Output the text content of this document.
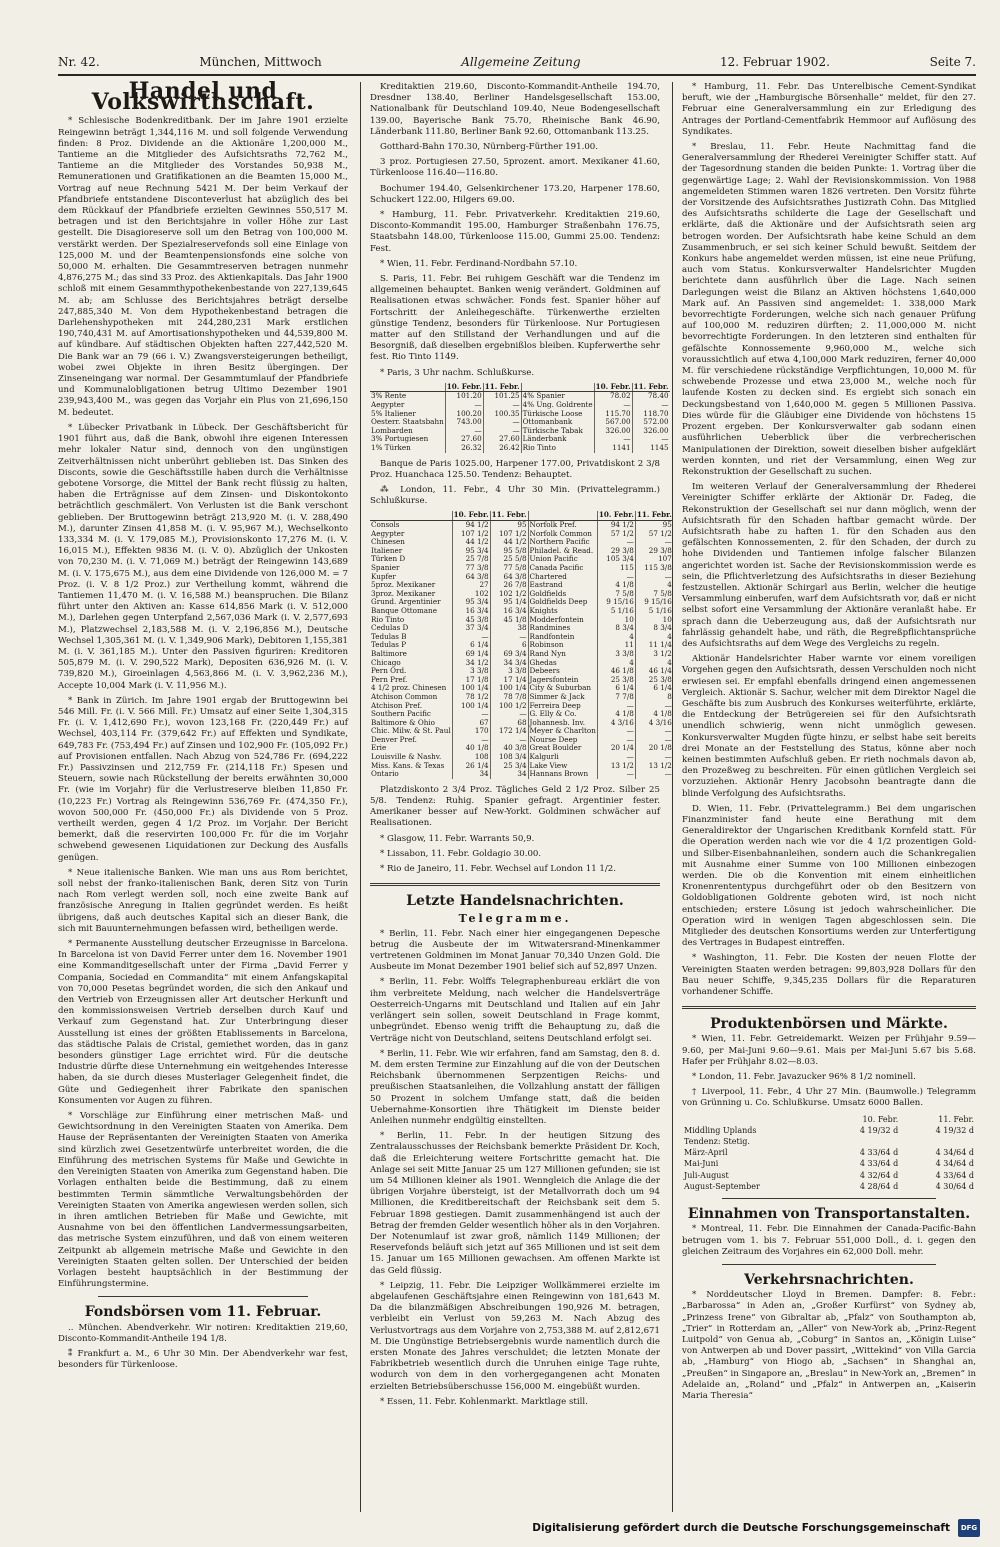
Nr. 42.	München, Mittwoch	Allgemeine Zeitung	12. Februar 1902.	Seite 7.
Handel und Volkswirthschaft.

* Schlesische Bodenkreditbank. Der im Jahre 1901 erzielte Reingewinn beträgt 1,344,116 M. und soll folgende Verwendung finden: 8 Proz. Dividende an die Aktionäre 1,200,000 M., Tantieme an die Mitglieder des Aufsichtsraths 72,762 M., Tantieme an die Mitglieder des Vorstandes 50,938 M., Remunerationen und Gratifikationen an die Beamten 15,000 M., Vortrag auf neue Rechnung 5421 M. Der beim Verkauf der Pfandbriefe entstandene Disconteverlust hat abzüglich des bei dem Rückkauf der Pfandbriefe erzielten Gewinnes 550,517 M. betragen und ist den Berichtsjahre in voller Höhe zur Last gestellt. Die Disagioreserve soll um den Betrag von 100,000 M. verstärkt werden. Der Spezialreservefonds soll eine Einlage von 125,000 M. und der Beamtenpensionsfonds eine solche von 50,000 M. erhalten. Die Gesammtreserven betragen nunmehr 4,876,275 M.; das sind 33 Proz. des Aktienkapitals. Das Jahr 1900 schloß mit einem Gesammthypothekenbestande von 227,139,645 M. ab; am Schlusse des Berichtsjahres beträgt derselbe 247,885,340 M. Von dem Hypothekenbestand betragen die Darlehenshypotheken mit 244,280,231 Mark erstlichen 190,740,431 M. auf Amortisationshypotheken und 44,539,800 M. auf kündbare. Auf städtischen Objekten haften 227,442,520 M. Die Bank war an 79 (66 i. V.) Zwangsversteigerungen betheiligt, wobei zwei Objekte in ihren Besitz übergingen. Der Zinseneingang war normal. Der Gesammtumlauf der Pfandbriefe und Kommunalobligationen betrug Ultimo Dezember 1901 239,943,400 M., was gegen das Vorjahr ein Plus von 21,696,150 M. bedeutet.

* Lübecker Privatbank in Lübeck. Der Geschäftsbericht für 1901 führt aus, daß die Bank, obwohl ihre eigenen Interessen mehr lokaler Natur sind, dennoch von den ungünstigen Zeitverhältnissen nicht unberührt geblieben ist. Das Sinken des Disconts, sowie die Geschäftsstille haben durch die Verhältnisse gebotene Vorsorge, die Mittel der Bank recht flüssig zu halten, haben die Erträgnisse auf dem Zinsen- und Diskontokonto beträchtlich geschmälert. Von Verlusten ist die Bank verschont geblieben. Der Bruttogewinn beträgt 213,920 M. (i. V. 288,490 M.), darunter Zinsen 41,858 M. (i. V. 95,967 M.), Wechselkonto 133,334 M. (i. V. 179,085 M.), Provisionskonto 17,276 M. (i. V. 16,015 M.), Effekten 9836 M. (i. V. 0). Abzüglich der Unkosten von 70,230 M. (i. V. 71,069 M.) beträgt der Reingewinn 143,689 M. (i. V. 175,675 M.), aus dem eine Dividende von 126,000 M. = 7 Proz. (i. V. 8 1/2 Proz.) zur Vertheilung kommt, während die Tantiemen 11,470 M. (i. V. 16,588 M.) beanspruchen. Die Bilanz führt unter den Aktiven an: Kasse 614,856 Mark (i. V. 512,000 M.), Darlehen gegen Unterpfand 2,567,036 Mark (i. V. 2,577,693 M.), Platzwechsel 2,183,588 M. (i. V. 2,196,856 M.), Deutsche Wechsel 1,305,361 M. (i. V. 1,349,906 Mark), Debitoren 1,155,381 M. (i. V. 361,185 M.). Unter den Passiven figuriren: Kreditoren 505,879 M. (i. V. 290,522 Mark), Depositen 636,926 M. (i. V. 739,820 M.), Giroeinlagen 4,563,866 M. (i. V. 3,962,236 M.), Accepte 10,004 Mark (i. V. 11,956 M.).

* Bank in Zürich. Im Jahre 1901 ergab der Bruttogewinn bei 546 Mill. Fr. (i. V. 566 Mill. Fr.) Umsatz auf einer Seite 1,304,315 Fr. (i. V. 1,412,690 Fr.), wovon 123,168 Fr. (220,449 Fr.) auf Wechsel, 403,114 Fr. (379,642 Fr.) auf Effekten und Syndikate, 649,783 Fr. (753,494 Fr.) auf Zinsen und 102,900 Fr. (105,092 Fr.) auf Provisionen entfallen. Nach Abzug von 524,786 Fr. (694,222 Fr.) Passivzinsen und 212,759 Fr. (214,118 Fr.) Spesen und Steuern, sowie nach Rückstellung der bereits erwähnten 30,000 Fr. (wie im Vorjahr) für die Verlustreserve bleiben 11,850 Fr. (10,223 Fr.) Vortrag als Reingewinn 536,769 Fr. (474,350 Fr.), wovon 500,000 Fr. (450,000 Fr.) als Dividende von 5 Proz. vertheilt werden, gegen 4 1/2 Proz. im Vorjahr. Der Bericht bemerkt, daß die reservirten 100,000 Fr. für die im Vorjahr schwebend gewesenen Liquidationen zur Deckung des Ausfalls genügen.

* Neue italienische Banken. Wie man uns aus Rom berichtet, soll nebst der franko-italienischen Bank, deren Sitz von Turin nach Rom verlegt werden soll, noch eine zweite Bank auf französische Anregung in Italien gegründet werden. Es heißt übrigens, daß auch deutsches Kapital sich an dieser Bank, die sich mit Bauunternehmungen befassen wird, betheiligen werde.

* Permanente Ausstellung deutscher Erzeugnisse in Barcelona. In Barcelona ist von David Ferrer unter dem 16. November 1901 eine Kommanditgesellschaft unter der Firma „David Ferrer y Compania, Sociedad en Commandita“ mit einem Anfangskapital von 70,000 Pesetas begründet worden, die sich den Ankauf und den Vertrieb von Erzeugnissen aller Art deutscher Herkunft und den kommissionsweisen Vertrieb derselben durch Kauf und Verkauf zum Gegenstand hat. Zur Unterbringung dieser Ausstellung ist eines der größten Etablissements in Barcelona, das städtische Palais de Cristal, gemiethet worden, das in ganz besonders günstiger Lage errichtet wird. Für die deutsche Industrie dürfte diese Unternehmung ein weitgehendes Interesse haben, da sie durch dieses Musterlager Gelegenheit findet, die Güte und Gediegenheit ihrer Fabrikate den spanischen Konsumenten vor Augen zu führen.

* Vorschläge zur Einführung einer metrischen Maß- und Gewichtsordnung in den Vereinigten Staaten von Amerika. Dem Hause der Repräsentanten der Vereinigten Staaten von Amerika sind kürzlich zwei Gesetzentwürfe unterbreitet worden, die die Einführung des metrischen Systems für Maße und Gewichte in den Vereinigten Staaten von Amerika zum Gegenstand haben. Die Vorlagen enthalten beide die Bestimmung, daß zu einem bestimmten Termin sämmtliche Verwaltungsbehörden der Vereinigten Staaten von Amerika angewiesen werden sollen, sich in ihren amtlichen Betrieben für Maße und Gewichte, mit Ausnahme von bei den öffentlichen Landvermessungsarbeiten, das metrische System einzuführen, und daß von einem weiteren Zeitpunkt ab allgemein metrische Maße und Gewichte in den Vereinigten Staaten gelten sollen. Der Unterschied der beiden Vorlagen besteht hauptsächlich in der Bestimmung der Einführungstermine.

Fondsbörsen vom 11. Februar.

.. München. Abendverkehr. Wir notiren: Kreditaktien 219,60, Disconto-Kommandit-Antheile 194 1/8.

⁑ Frankfurt a. M., 6 Uhr 30 Min. Der Abendverkehr war fest, besonders für Türkenloose.

Kreditaktien 219.60, Disconto-Kommandit-Antheile 194.70, Dresdner 138.40, Berliner Handelsgesellschaft 153.00, Nationalbank für Deutschland 109.40, Neue Bodengesellschaft 139.00, Bayerische Bank 75.70, Rheinische Bank 46.90, Länderbank 111.80, Berliner Bank 92.60, Ottomanbank 113.25.

Gotthard-Bahn 170.30, Nürnberg-Fürther 191.00.

3 proz. Portugiesen 27.50, 5prozent. amort. Mexikaner 41.60, Türkenloose 116.40—116.80.

Bochumer 194.40, Gelsenkirchener 173.20, Harpener 178.60, Schuckert 122.00, Hilgers 69.00.

* Hamburg, 11. Febr. Privatverkehr. Kreditaktien 219.60, Disconto-Kommandit 195.00, Hamburger Straßenbahn 176.75, Staatsbahn 148.00, Türkenloose 115.00, Gummi 25.00. Tendenz: Fest.

* Wien, 11. Febr. Ferdinand-Nordbahn 57.10.

S. Paris, 11. Febr. Bei ruhigem Geschäft war die Tendenz im allgemeinen behauptet. Banken wenig verändert. Goldminen auf Realisationen etwas schwächer. Fonds fest. Spanier höher auf Fortschritt der Anleihegeschäfte. Türkenwerthe erzielten günstige Tendenz, besonders für Türkenloose. Nur Portugiesen matter auf den Stillstand der Verhandlungen und auf die Besorgniß, daß dieselben ergebnißlos bleiben. Kupferwerthe sehr fest. Rio Tinto 1149.

* Paris, 3 Uhr nachm. Schlußkurse.

	10. Febr.	11. Febr.		10. Febr.	11. Febr.
3% Rente	101.20	101.25	4% Spanier	78.02	78.40
Aegypter	—	—	4% Ung. Goldrente	—	—
5% Italiener	100.20	100.35	Türkische Loose	115.70	118.70
Oesterr. Staatsbahn	743.00	—	Ottomanbank	567.00	572.00
Lombarden	—	—	Türkische Tabak	326.00	326.00
3% Portugiesen	27.60	27.60	Länderbank	—	—
1% Türken	26.32	26.42	Rio Tinto	1141	1145

Banque de Paris 1025.00, Harpener 177.00, Privatdiskont 2 3/8 Proz. Huanchaca 125.50. Tendenz: Behauptet.

⁂ London, 11. Febr., 4 Uhr 30 Min. (Privattelegramm.) Schlußkurse.

	10. Febr.	11. Febr.		10. Febr.	11. Febr.
Consols	94 1/2	95	Norfolk Pref.	94 1/2	95
Aegypter	107 1/2	107 1/2	Norfolk Common	57 1/2	57 1/2
Chinesen	44 1/2	44 1/2	Northern Pacific	—	—
Italiener	95 3/4	95 5/8	Philadel. & Read.	29 3/8	29 3/8
Türken D	25 7/8	25 5/8	Union Pacific	105 3/4	107
Spanier	77 3/8	77 5/8	Canada Pacific	115	115 3/8
Kupfer	64 3/8	64 3/8	Chartered	—	—
5proz. Mexikaner	27	26 7/8	Eastrand	4 1/8	4
3proz. Mexikaner	102	102 1/2	Goldfields	7 5/8	7 5/8
Grund. Argentinier	95 3/4	95 1/4	Goldfields Deep	9 15/16	9 15/16
Banque Ottomane	16 3/4	16 3/4	Knights	5 1/16	5 1/16
Rio Tinto	45 3/8	45 1/8	Modderfontein	10	10
Cedulas D	37 3/4	38	Randmines	8 3/4	8 3/4
Tedulas B	—	—	Randfontein	4	4
Tedulas P	6 1/4	6	Robinson	11	11 1/4
Baltimore	69 1/4	69 3/4	Rand Nyn	3 3/8	3 1/2
Chicago	34 1/2	34 3/4	Ghedas	4	4
Pern Ord.	3 3/8	3 3/8	Debeers	46 1/8	46 1/4
Pern Pref.	17 1/8	17 1/4	Jagersfontein	25 3/8	25 3/8
4 1/2 proz. Chinesen	100 1/4	100 1/4	City & Suburban	6 1/4	6 1/4
Atchison Common	78 1/2	78 7/8	Simmer & Jack	7 7/8	8
Atchison Pref.	100 1/4	100 1/2	Ferreira Deep	—	—
Southern Pacific	—	—	G. Elly & Co.	4 1/8	4 1/8
Baltimore & Ohio	67	68	Johannesb. Inv.	4 3/16	4 3/16
Chic. Milw. & St. Paul	170	172 1/4	Meyer & Charlton	—	—
Denver Pref.	—	—	Nourse Deep	—	—
Erie	40 1/8	40 3/8	Great Boulder	20 1/4	20 1/8
Louisville & Nashv.	108	108 3/4	Kalgurli	—	—
Miss. Kans. & Texas	26 1/4	25 3/4	Lake View	13 1/2	13 1/2
Ontario	34	34	Hannans Brown	—	—

Platzdiskonto 2 3/4 Proz. Tägliches Geld 2 1/2 Proz. Silber 25 5/8. Tendenz: Ruhig. Spanier gefragt. Argentinier fester. Amerikaner besser auf New-Yorkt. Goldminen schwächer auf Realisationen.

* Glasgow, 11. Febr. Warrants 50,9.

* Lissabon, 11. Febr. Goldagio 30.00.

* Rio de Janeiro, 11. Febr. Wechsel auf London 11 1/2.

Letzte Handelsnachrichten.
Telegramme.

* Berlin, 11. Febr. Nach einer hier eingegangenen Depesche betrug die Ausbeute der im Witwatersrand-Minenkammer vertretenen Goldminen im Monat Januar 70,340 Unzen Gold. Die Ausbeute im Monat Dezember 1901 belief sich auf 52,897 Unzen.

* Berlin, 11. Febr. Wolffs Telegraphenbureau erklärt die von ihm verbreitete Meldung, nach welcher die Handelsverträge Oesterreich-Ungarns mit Deutschland und Italien auf ein Jahr verlängert sein sollen, soweit Deutschland in Frage kommt, unbegründet. Ebenso wenig trifft die Behauptung zu, daß die Verträge nicht von Deutschland, seitens Deutschland erfolgt sei.

* Berlin, 11. Febr. Wie wir erfahren, fand am Samstag, den 8. d. M. dem ersten Termine zur Einzahlung auf die von der Deutschen Reichsbank übernommenen Serpzentigen Reichs- und preußischen Staatsanleihen, die Vollzahlung anstatt der fälligen 50 Prozent in solchem Umfange statt, daß die beiden Uebernahme-Konsortien ihre Thätigkeit im Dienste beider Anleihen nunmehr endgültig einstellten.

* Berlin, 11. Febr. In der heutigen Sitzung des Zentralausschusses der Reichsbank bemerkte Präsident Dr. Koch, daß die Erleichterung weitere Fortschritte gemacht hat. Die Anlage sei seit Mitte Januar 25 um 127 Millionen gefunden; sie ist um 54 Millionen kleiner als 1901. Wenngleich die Anlage die der übrigen Vorjahre übersteigt, ist der Metallvorrath doch um 94 Millionen, die Kreditbereitschaft der Reichsbank seit dem 5. Februar 1898 gestiegen. Damit zusammenhängend ist auch der Betrag der fremden Gelder wesentlich höher als in den Vorjahren. Der Notenumlauf ist zwar groß, nämlich 1149 Millionen; der Reservefonds beläuft sich jetzt auf 365 Millionen und ist seit dem 15. Januar um 165 Millionen gewachsen. Am offenen Markte ist das Geld flüssig.

* Leipzig, 11. Febr. Die Leipziger Wollkämmerei erzielte im abgelaufenen Geschäftsjahre einen Reingewinn von 181,643 M. Da die bilanzmäßigen Abschreibungen 190,926 M. betragen, verbleibt ein Verlust von 59,263 M. Nach Abzug des Verlustvortrags aus dem Vorjahre von 2,753,388 M. auf 2,812,671 M. Die Ungünstige Betriebsergebnis wurde namentlich durch die ersten Monate des Jahres verschuldet; die letzten Monate der Fabrikbetrieb wesentlich durch die Unruhen einige Tage ruhte, wodurch von dem in den vorhergegangenen acht Monaten erzielten Betriebsüberschusse 156,000 M. eingebüßt wurden.

* Essen, 11. Febr. Kohlenmarkt. Marktlage still.

* Hamburg, 11. Febr. Das Unterelbische Cement-Syndikat beruft, wie der „Hamburgische Börsenhalle“ meldet, für den 27. Februar eine Generalversammlung ein zur Erledigung des Antrages der Portland-Cementfabrik Hemmoor auf Auflösung des Syndikates.

* Breslau, 11. Febr. Heute Nachmittag fand die Generalversammlung der Rhederei Vereinigter Schiffer statt. Auf der Tagesordnung standen die beiden Punkte: 1. Vortrag über die gegenwärtige Lage; 2. Wahl der Revisionskommission. Von 1988 angemeldeten Stimmen waren 1826 vertreten. Den Vorsitz führte der Vorsitzende des Aufsichtsrathes Justizrath Cohn. Das Mitglied des Aufsichtsraths schilderte die Lage der Gesellschaft und erklärte, daß die Aktionäre und der Aufsichtsrath seien arg betrogen worden. Der Aufsichtsrath habe keine Schuld an dem Zusammenbruch, er sei sich keiner Schuld bewußt. Seitdem der Konkurs habe angemeldet werden müssen, ist eine neue Prüfung, auch vom Status. Konkursverwalter Handelsrichter Mugden berichtete dann ausführlich über die Lage. Nach seinen Darlegungen weist die Bilanz an Aktiven höchstens 1,640,000 Mark auf. An Passiven sind angemeldet: 1. 338,000 Mark bevorrechtigte Forderungen, welche sich nach genauer Prüfung auf 100,000 M. reduziren dürften; 2. 11,000,000 M. nicht bevorrechtigte Forderungen. In den letzteren sind enthalten für gefälschte Konnossemente 9,960,000 M., welche sich voraussichtlich auf etwa 4,100,000 Mark reduziren, ferner 40,000 M. für verschiedene rückständige Verpflichtungen, 10,000 M. für schwebende Prozesse und etwa 23,000 M., welche noch für laufende Kosten zu decken sind. Es ergiebt sich sonach ein Deckungsbestand von 1,640,000 M. gegen 5 Millionen Passiva. Dies würde für die Gläubiger eine Dividende von höchstens 15 Prozent ergeben. Der Konkursverwalter gab sodann einen ausführlichen Ueberblick über die verbrecherischen Manipulationen der Direktion, soweit dieselben bisher aufgeklärt werden konnten, und riet der Versammlung, einen Weg zur Rekonstruktion der Gesellschaft zu suchen.

Im weiteren Verlauf der Generalversammlung der Rhederei Vereinigter Schiffer erklärte der Aktionär Dr. Fadeg, die Rekonstruktion der Gesellschaft sei nur dann möglich, wenn der Aufsichtsrath für den Schaden haftbar gemacht würde. Der Aufsichtsrath habe zu haften 1. für den Schaden aus den gefälschten Konnossementen, 2. für den Schaden, der durch zu hohe Dividenden und Tantiemen infolge falscher Bilanzen angerichtet worden ist. Sache der Revisionskommission werde es sein, die Pflichtverletzung des Aufsichtsraths in dieser Beziehung festzustellen. Aktionär Schirgarl aus Berlin, welcher die heutige Versammlung einberufen, warf dem Aufsichtsrath vor, daß er nicht selbst sofort eine Versammlung der Aktionäre veranlaßt habe. Er sprach dann die Ueberzeugung aus, daß der Aufsichtsrath nur fahrlässig gehandelt habe, und räth, die Regreßpflichtansprüche des Aufsichtsraths auf dem Wege des Vergleichs zu regeln.

Aktionär Handelsrichter Haber warnte vor einem voreiligen Vorgehen gegen den Aufsichtsrath, dessen Verschulden noch nicht erwiesen sei. Er empfahl ebenfalls dringend einen angemessenen Vergleich. Aktionär S. Sachur, welcher mit dem Direktor Nagel die Geschäfte bis zum Ausbruch des Konkurses weiterführte, erklärte, die Entdeckung der Betrügereien sei für den Aufsichtsrath unendlich schwierig, wenn nicht unmöglich gewesen. Konkursverwalter Mugden fügte hinzu, er selbst habe seit bereits drei Monate an der Feststellung des Status, könne aber noch keinen bestimmten Aufschluß geben. Er rieth nochmals davon ab, den Prozeßweg zu beschreiten. Für einen gütlichen Vergleich sei vorzuziehen. Aktionär Henry Jacobsohn beantragte dann die blinde Verfolgung des Aufsichtsraths.

D. Wien, 11. Febr. (Privattelegramm.) Bei dem ungarischen Finanzminister fand heute eine Berathung mit dem Generaldirektor der Ungarischen Kreditbank Kornfeld statt. Für die Operation werden nach wie vor die 4 1/2 prozentigen Gold- und Silber-Eisenbahnanleihen, sondern auch die Schankregalien mit Ausnahme einer Summe von 100 Millionen einbezogen werden. Die ob die Konvention mit einem einheitlichen Kronenrententypus durchgeführt oder ob den Besitzern von Goldobligationen Goldrente geboten wird, ist noch nicht entschieden; erstere Lösung ist jedoch wahrscheinlicher. Die Operation wird in wenigen Tagen abgeschlossen sein. Die Mitglieder des deutschen Konsortiums werden zur Unterfertigung des Vertrages in Budapest eintreffen.

* Washington, 11. Febr. Die Kosten der neuen Flotte der Vereinigten Staaten werden betragen: 99,803,928 Dollars für den Bau neuer Schiffe, 9,345,235 Dollars für die Reparaturen vorhandener Schiffe.

Produktenbörsen und Märkte.

* Wien, 11. Febr. Getreidemarkt. Weizen per Frühjahr 9.59—9.60, per Mai-Juni 9.60—9.61. Mais per Mai-Juni 5.67 bis 5.68. Hafer per Frühjahr 8.02—8.03.

* London, 11. Febr. Javazucker 96% 8 1/2 nominell.

† Liverpool, 11. Febr., 4 Uhr 27 Min. (Baumwolle.) Telegramm von Grünning u. Co. Schlußkurse. Umsatz 6000 Ballen.

	10. Febr.	11. Febr.
Middling Uplands	4 19/32 d	4 19/32 d
Tendenz: Stetig.		
März-April	4 33/64 d	4 34/64 d
Mai-Juni	4 33/64 d	4 34/64 d
Juli-August	4 32/64 d	4 33/64 d
August-September	4 28/64 d	4 30/64 d
Einnahmen von Transportanstalten.

* Montreal, 11. Febr. Die Einnahmen der Canada-Pacific-Bahn betrugen vom 1. bis 7. Februar 551,000 Doll., d. i. gegen den gleichen Zeitraum des Vorjahres ein 62,000 Doll. mehr.

Verkehrsnachrichten.

* Norddeutscher Lloyd in Bremen. Dampfer: 8. Febr.: „Barbarossa“ in Aden an, „Großer Kurfürst“ von Sydney ab, „Prinzess Irene“ von Gibraltar ab, „Pfalz“ von Southampton ab, „Trier“ in Rotterdam an, „Aller“ von New-York ab, „Prinz-Regent Luitpold“ von Genua ab, „Coburg“ in Santos an, „Königin Luise“ von Antwerpen ab und Dover passirt, „Wittekind“ von Villa Garcia ab, „Hamburg“ von Hiogo ab, „Sachsen“ in Shanghai an, „Preußen“ in Singapore an, „Breslau“ in New-York an, „Bremen“ in Adelaide an, „Roland“ und „Pfalz“ in Antwerpen an, „Kaiserin Maria Theresia“

Digitalisierung gefördert durch die Deutsche Forschungsgemeinschaft	DFG
